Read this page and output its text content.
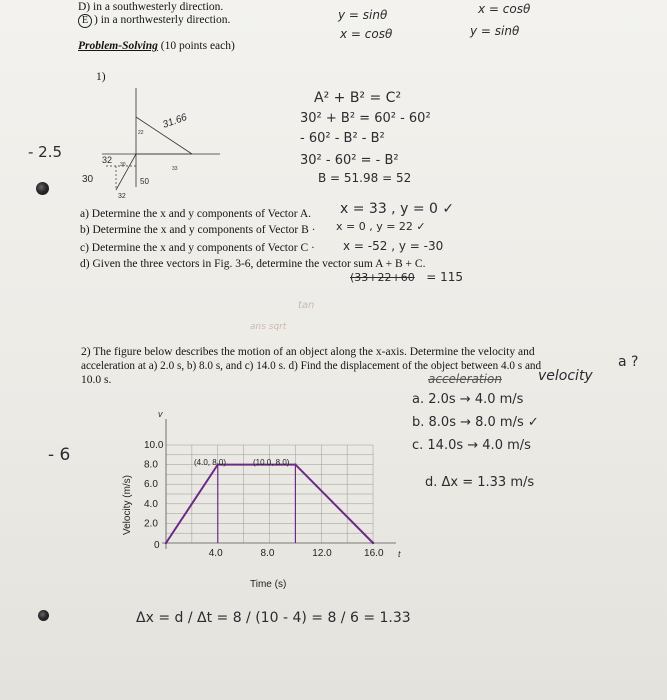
D) in a southwesterly direction.
E ) in a northwesterly direction.	y = sinθ
x = cosθ
x = cosθ
y = sinθ
Problem-Solving (10 points each)
1)
- 2.5
22
33
31.66
30
32
32
30	50
A² + B² = C²
30² + B² = 60² - 60²
- 60² - B² - B²
30² - 60² = - B²
B = 51.98 = 52
a) Determine the x and y components of Vector A. x = 33 , y = 0 ✓
b) Determine the x and y components of Vector B · x = 0 , y = 22 ✓
c) Determine the x and y components of Vector C · x = -52 , y = -30
d) Given the three vectors in Fig. 3-6, determine the vector sum A + B + C.
(33+22+60 = 115
tan
ans sqrt
- 6
2) The figure below describes the motion of an object along the x-axis. Determine the velocity and
acceleration at a) 2.0 s, b) 8.0 s, and c) 14.0 s. d) Find the displacement of the object between 4.0 s and
10.0 s.
a ?
acceleration	velocity
a. 2.0s → 4.0 m/s
b. 8.0s → 8.0 m/s ✓
c. 14.0s → 4.0 m/s
d. Δx = 1.33 m/s
2.0
4.0
6.0
8.0
10.0
4.0	8.0	12.0	16.0
v
t
Velocity (m/s)
Time (s)
0
(4.0, 8.0)	(10.0, 8.0)
Δx = d / Δt = 8 / (10 - 4) = 8 / 6 = 1.33
